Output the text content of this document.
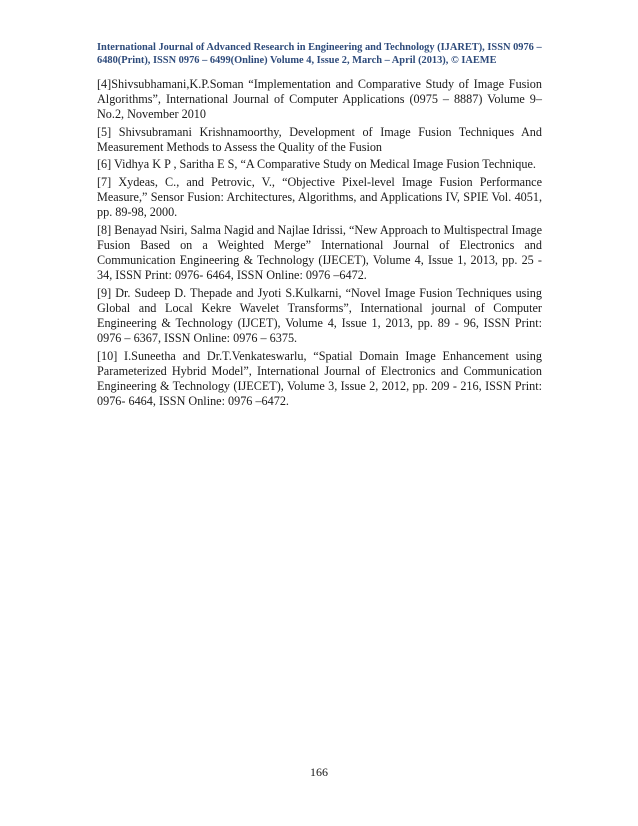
International Journal of Advanced Research in Engineering and Technology (IJARET), ISSN 0976 – 6480(Print), ISSN 0976 – 6499(Online) Volume 4, Issue 2, March – April (2013), © IAEME

[4]Shivsubhamani,K.P.Soman “Implementation and Comparative Study of Image Fusion Algorithms”, International Journal of Computer Applications (0975 – 8887) Volume 9– No.2, November 2010
[5] Shivsubramani Krishnamoorthy, Development of Image Fusion Techniques And Measurement Methods to Assess the Quality of the Fusion
[6] Vidhya K P , Saritha E S, “A Comparative Study on Medical Image Fusion Technique.
[7] Xydeas, C., and Petrovic, V., “Objective Pixel-level Image Fusion Performance Measure,” Sensor Fusion: Architectures, Algorithms, and Applications IV, SPIE Vol. 4051, pp. 89-98, 2000.
[8] Benayad Nsiri, Salma Nagid and Najlae Idrissi, “New Approach to Multispectral Image Fusion Based on a Weighted Merge” International Journal of Electronics and Communication Engineering & Technology (IJECET), Volume 4, Issue 1, 2013, pp. 25 - 34, ISSN Print: 0976- 6464, ISSN Online: 0976 –6472.
[9] Dr. Sudeep D. Thepade and Jyoti S.Kulkarni, “Novel Image Fusion Techniques using Global and Local Kekre Wavelet Transforms”, International journal of Computer Engineering & Technology (IJCET), Volume 4, Issue 1, 2013, pp. 89 - 96, ISSN Print: 0976 – 6367, ISSN Online: 0976 – 6375.
[10] I.Suneetha and Dr.T.Venkateswarlu, “Spatial Domain Image Enhancement using Parameterized Hybrid Model”, International Journal of Electronics and Communication Engineering & Technology (IJECET), Volume 3, Issue 2, 2012, pp. 209 - 216, ISSN Print: 0976- 6464, ISSN Online: 0976 –6472.

166
